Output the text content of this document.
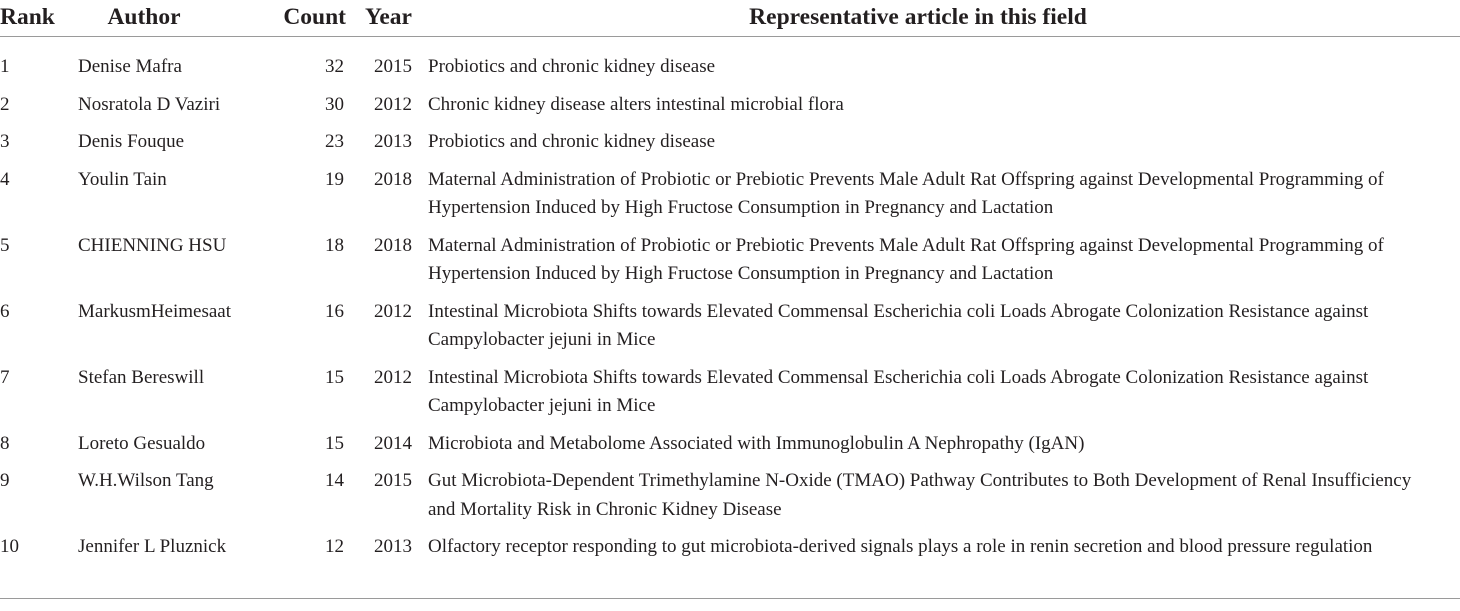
Rank	Author	Count	Year	Representative article in this field
1	Denise Mafra	32	2015	Probiotics and chronic kidney disease
2	Nosratola D Vaziri	30	2012	Chronic kidney disease alters intestinal microbial flora
3	Denis Fouque	23	2013	Probiotics and chronic kidney disease
4	Youlin Tain	19	2018	Maternal Administration of Probiotic or Prebiotic Prevents Male Adult Rat Offspring against Developmental Programming of Hypertension Induced by High Fructose Consumption in Pregnancy and Lactation
5	CHIENNING HSU	18	2018	Maternal Administration of Probiotic or Prebiotic Prevents Male Adult Rat Offspring against Developmental Programming of Hypertension Induced by High Fructose Consumption in Pregnancy and Lactation
6	MarkusmHeimesaat	16	2012	Intestinal Microbiota Shifts towards Elevated Commensal Escherichia coli Loads Abrogate Colonization Resistance against Campylobacter jejuni in Mice
7	Stefan Bereswill	15	2012	Intestinal Microbiota Shifts towards Elevated Commensal Escherichia coli Loads Abrogate Colonization Resistance against Campylobacter jejuni in Mice
8	Loreto Gesualdo	15	2014	Microbiota and Metabolome Associated with Immunoglobulin A Nephropathy (IgAN)
9	W.H.Wilson Tang	14	2015	Gut Microbiota-Dependent Trimethylamine N-Oxide (TMAO) Pathway Contributes to Both Development of Renal Insufficiency and Mortality Risk in Chronic Kidney Disease
10	Jennifer L Pluznick	12	2013	Olfactory receptor responding to gut microbiota-derived signals plays a role in renin secretion and blood pressure regulation
